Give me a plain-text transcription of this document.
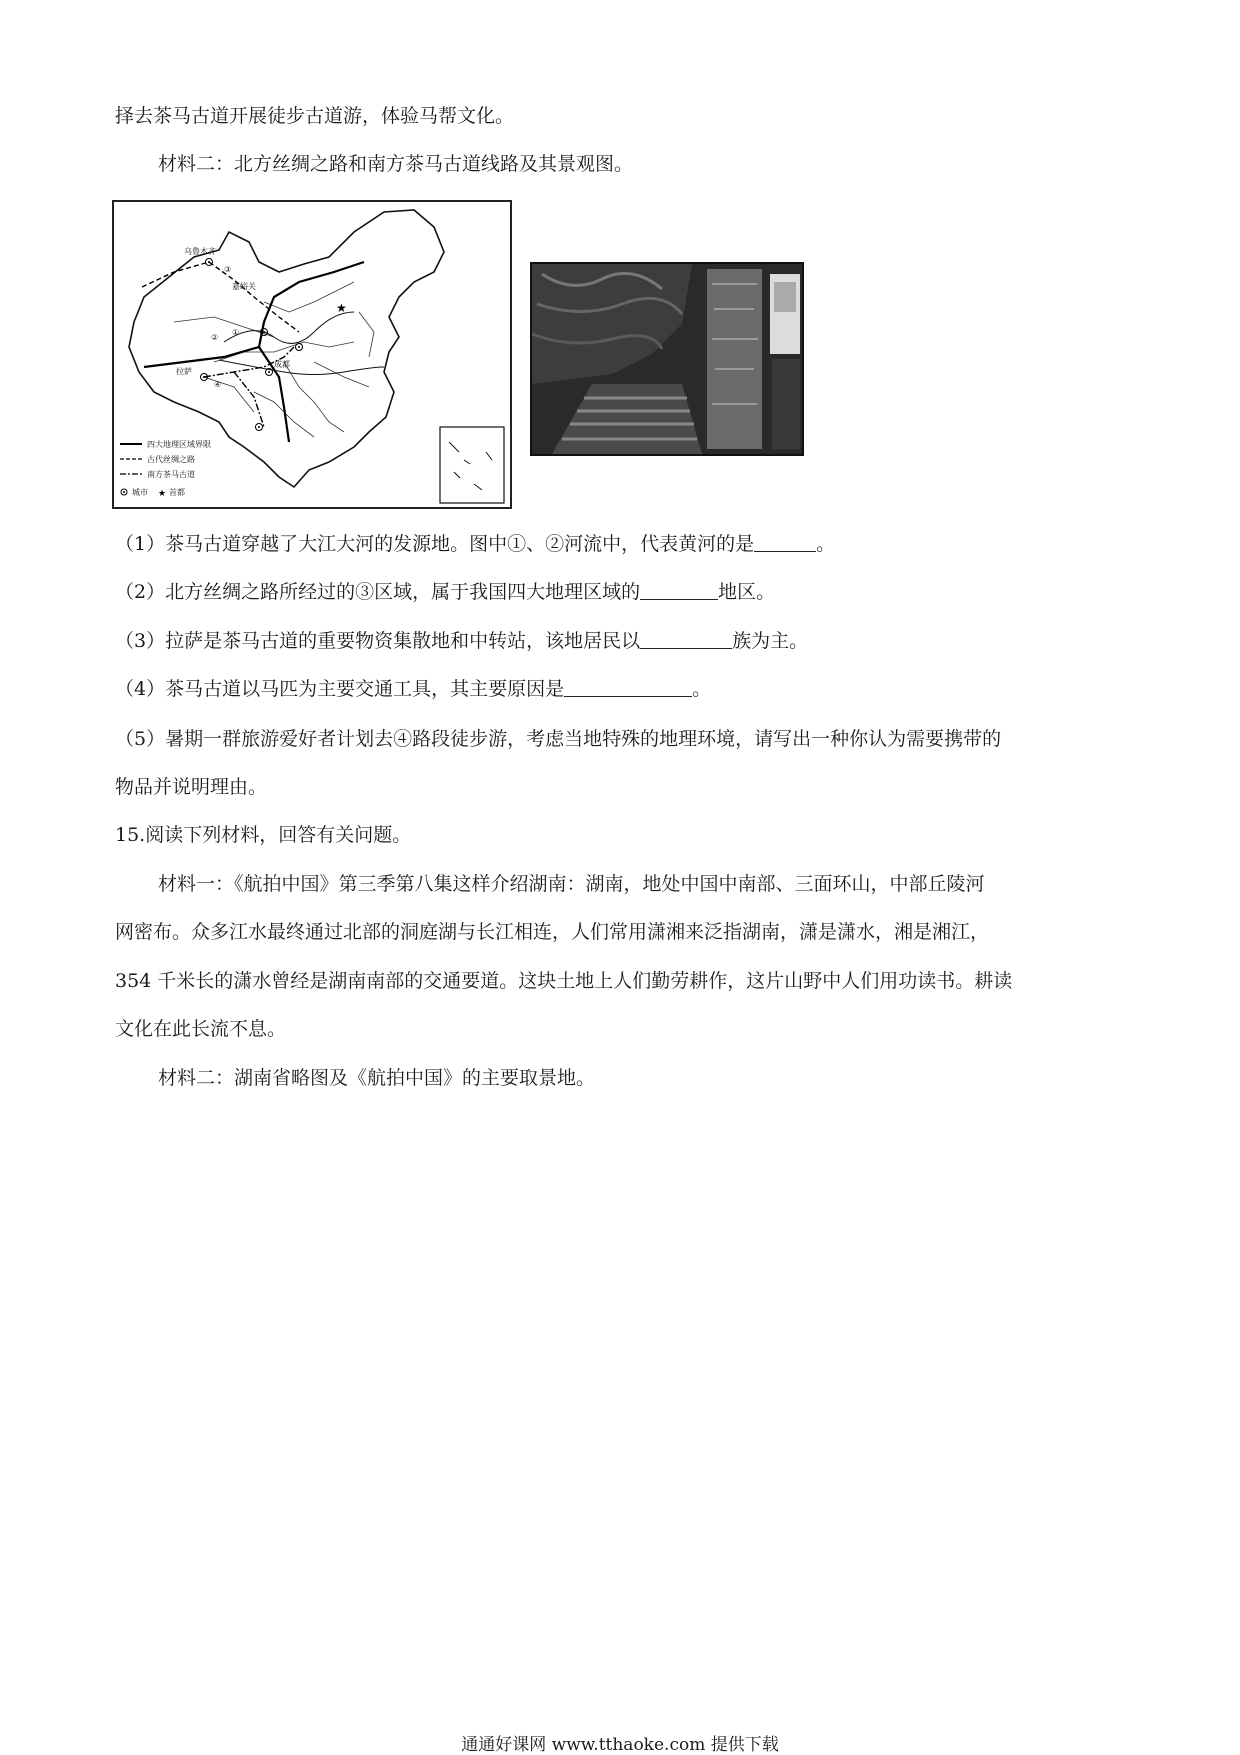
择去茶马古道开展徒步古道游，体验马帮文化。
材料二：北方丝绸之路和南方茶马古道线路及其景观图。
★
乌鲁木齐
嘉峪关
拉萨
成都
①
②
③
④
四大地理区域界限
古代丝绸之路
南方茶马古道
城市 ★ 首都
（1）茶马古道穿越了大江大河的发源地。图中①、②河流中，代表黄河的是	。
（2）北方丝绸之路所经过的③区域，属于我国四大地理区域的	地区。
（3）拉萨是茶马古道的重要物资集散地和中转站，该地居民以	族为主。
（4）茶马古道以马匹为主要交通工具，其主要原因是	。
（5）暑期一群旅游爱好者计划去④路段徒步游，考虑当地特殊的地理环境，请写出一种你认为需要携带的
物品并说明理由。
15.阅读下列材料，回答有关问题。
材料一：《航拍中国》第三季第八集这样介绍湖南：湖南，地处中国中南部、三面环山，中部丘陵河
网密布。众多江水最终通过北部的洞庭湖与长江相连，人们常用潇湘来泛指湖南，潇是潇水，湘是湘江，
354 千米长的潇水曾经是湖南南部的交通要道。这块土地上人们勤劳耕作，这片山野中人们用功读书。耕读
文化在此长流不息。
材料二：湖南省略图及《航拍中国》的主要取景地。
通通好课网 www.tthaoke.com 提供下载
